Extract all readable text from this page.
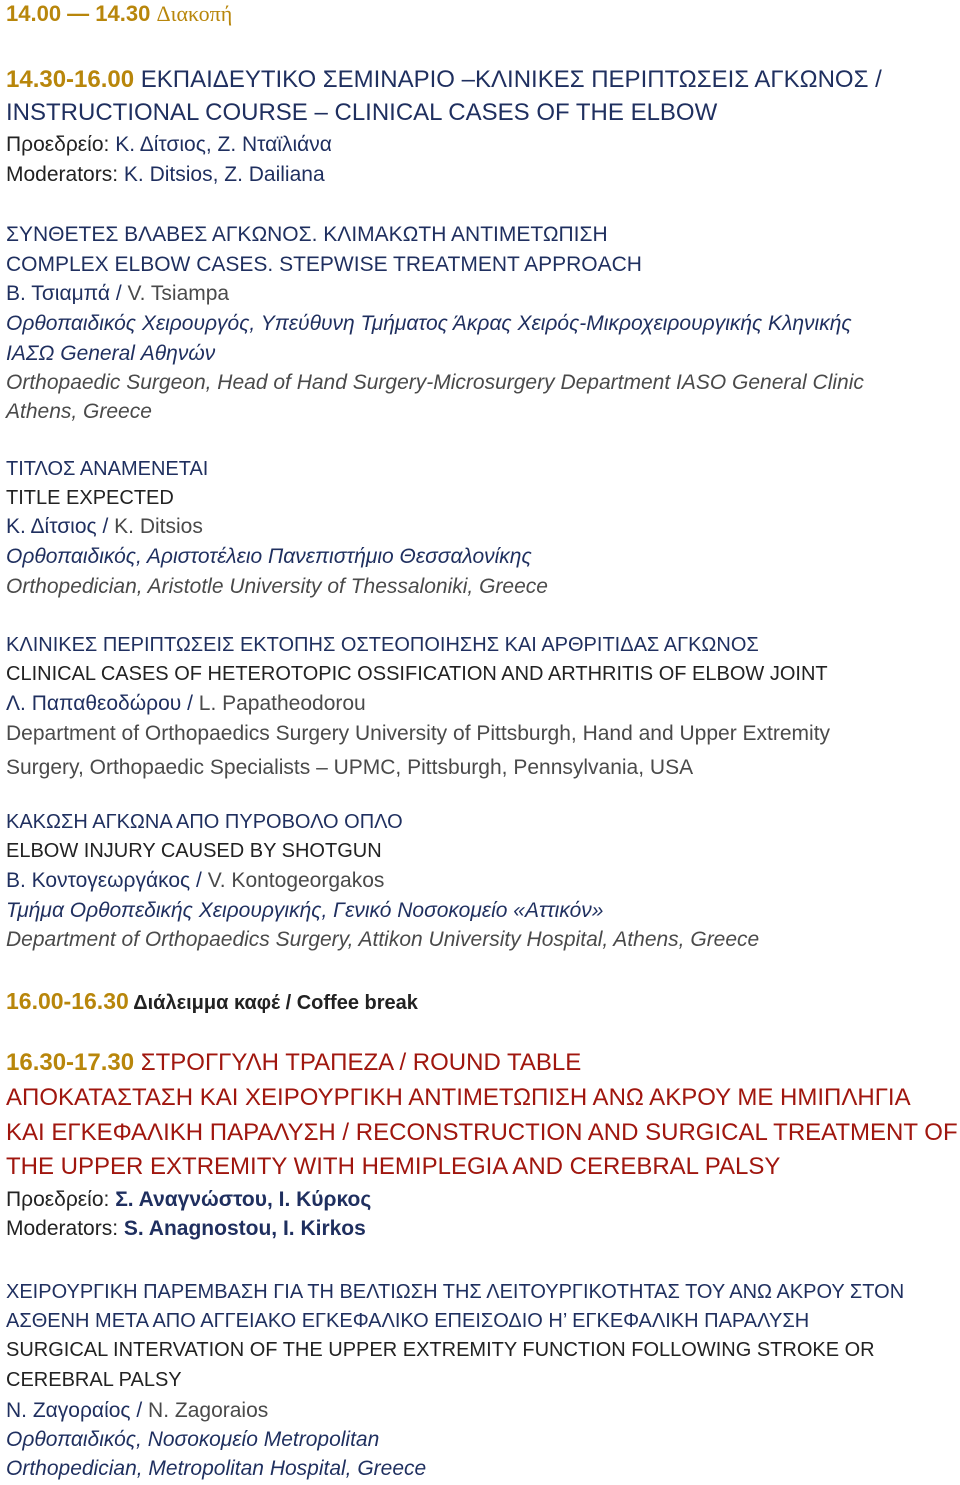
14.00 — 14.30 Διακοπή
14.30-16.00 ΕΚΠΑΙΔΕΥΤΙΚΟ ΣΕΜΙΝΑΡΙΟ –ΚΛΙΝΙΚΕΣ ΠΕΡΙΠΤΩΣΕΙΣ ΑΓΚΩΝΟΣ /
INSTRUCTIONAL COURSE – CLINICAL CASES OF THE ELBOW
Προεδρείο: Κ. Δίτσιος, Ζ. Νταϊλιάνα
Moderators: K. Ditsios, Z. Dailiana
ΣΥΝΘΕΤΕΣ ΒΛΑΒΕΣ ΑΓΚΩΝΟΣ. ΚΛΙΜΑΚΩΤΗ ΑΝΤΙΜΕΤΩΠΙΣΗ
COMPLEX ELBOW CASES. STEPWISE TREATMENT APPROACH
Β. Τσιαμπά / V. Tsiampa
Ορθοπαιδικός Χειρουργός, Υπεύθυνη Τμήματος Άκρας Χειρός-Μικροχειρουργικής Κληνικής
ΙΑΣΩ General Αθηνών
Orthopaedic Surgeon, Head of Hand Surgery-Microsurgery Department IASO General Clinic
Athens, Greece
ΤΙΤΛΟΣ ΑΝΑΜΕΝΕΤΑΙ
TITLE EXPECTED
Κ. Δίτσιος / K. Ditsios
Ορθοπαιδικός, Αριστοτέλειο Πανεπιστήμιο Θεσσαλονίκης
Orthopedician, Aristotle University of Thessaloniki, Greece
ΚΛΙΝΙΚΕΣ ΠΕΡΙΠΤΩΣΕΙΣ ΕΚΤΟΠΗΣ ΟΣΤΕΟΠΟΙΗΣΗΣ ΚΑΙ ΑΡΘΡΙΤΙΔΑΣ ΑΓΚΩΝΟΣ
CLINICAL CASES OF HETEROTOPIC OSSIFICATION AND ARTHRITIS OF ELBOW JOINT
Λ. Παπαθεοδώρου / L. Papatheodorou
Department of Orthopaedics Surgery University of Pittsburgh, Hand and Upper Extremity
Surgery, Orthopaedic Specialists – UPMC, Pittsburgh, Pennsylvania, USA
ΚΑΚΩΣΗ ΑΓΚΩΝΑ ΑΠΟ ΠΥΡΟΒΟΛΟ ΟΠΛΟ
ELBOW INJURY CAUSED BY SHOTGUN
Β. Κοντογεωργάκος / V. Kontogeorgakos
Τμήμα Ορθοπεδικής Χειρουργικής, Γενικό Νοσοκομείο «Αττικόν»
Department of Orthopaedics Surgery, Attikon University Hospital, Athens, Greece
16.00-16.30 Διάλειμμα καφέ / Coffee break
16.30-17.30 ΣΤΡΟΓΓΥΛΗ ΤΡΑΠΕΖΑ / ROUND TABLE
ΑΠΟΚΑΤΑΣΤΑΣΗ ΚΑΙ ΧΕΙΡΟΥΡΓΙΚΗ ΑΝΤΙΜΕΤΩΠΙΣΗ ΑΝΩ ΑΚΡΟΥ ΜΕ ΗΜΙΠΛΗΓΙΑ
ΚΑΙ ΕΓΚΕΦΑΛΙΚΗ ΠΑΡΑΛΥΣΗ / RECONSTRUCTION AND SURGICAL TREATMENT OF
THE UPPER EXTREMITY WITH HEMIPLEGIA AND CEREBRAL PALSY
Προεδρείο: Σ. Αναγνώστου, Ι. Κύρκος
Moderators: S. Anagnostou, I. Kirkos
ΧΕΙΡΟΥΡΓΙΚΗ ΠΑΡΕΜΒΑΣΗ ΓΙΑ ΤΗ ΒΕΛΤΙΩΣΗ ΤΗΣ ΛΕΙΤΟΥΡΓΙΚΟΤΗΤΑΣ ΤΟΥ ΑΝΩ ΑΚΡΟΥ ΣΤΟΝ
ΑΣΘΕΝΗ ΜΕΤΑ ΑΠΟ ΑΓΓΕΙΑΚΟ ΕΓΚΕΦΑΛΙΚΟ ΕΠΕΙΣΟΔΙΟ Η’ ΕΓΚΕΦΑΛΙΚΗ ΠΑΡΑΛΥΣΗ
SURGICAL INTERVATION OF THE UPPER EXTREMITY FUNCTION FOLLOWING STROKE OR
CEREBRAL PALSY
Ν. Ζαγοραίος / N. Zagoraios
Ορθοπαιδικός, Νοσοκομείο Metropolitan
Orthopedician, Metropolitan Hospital, Greece
